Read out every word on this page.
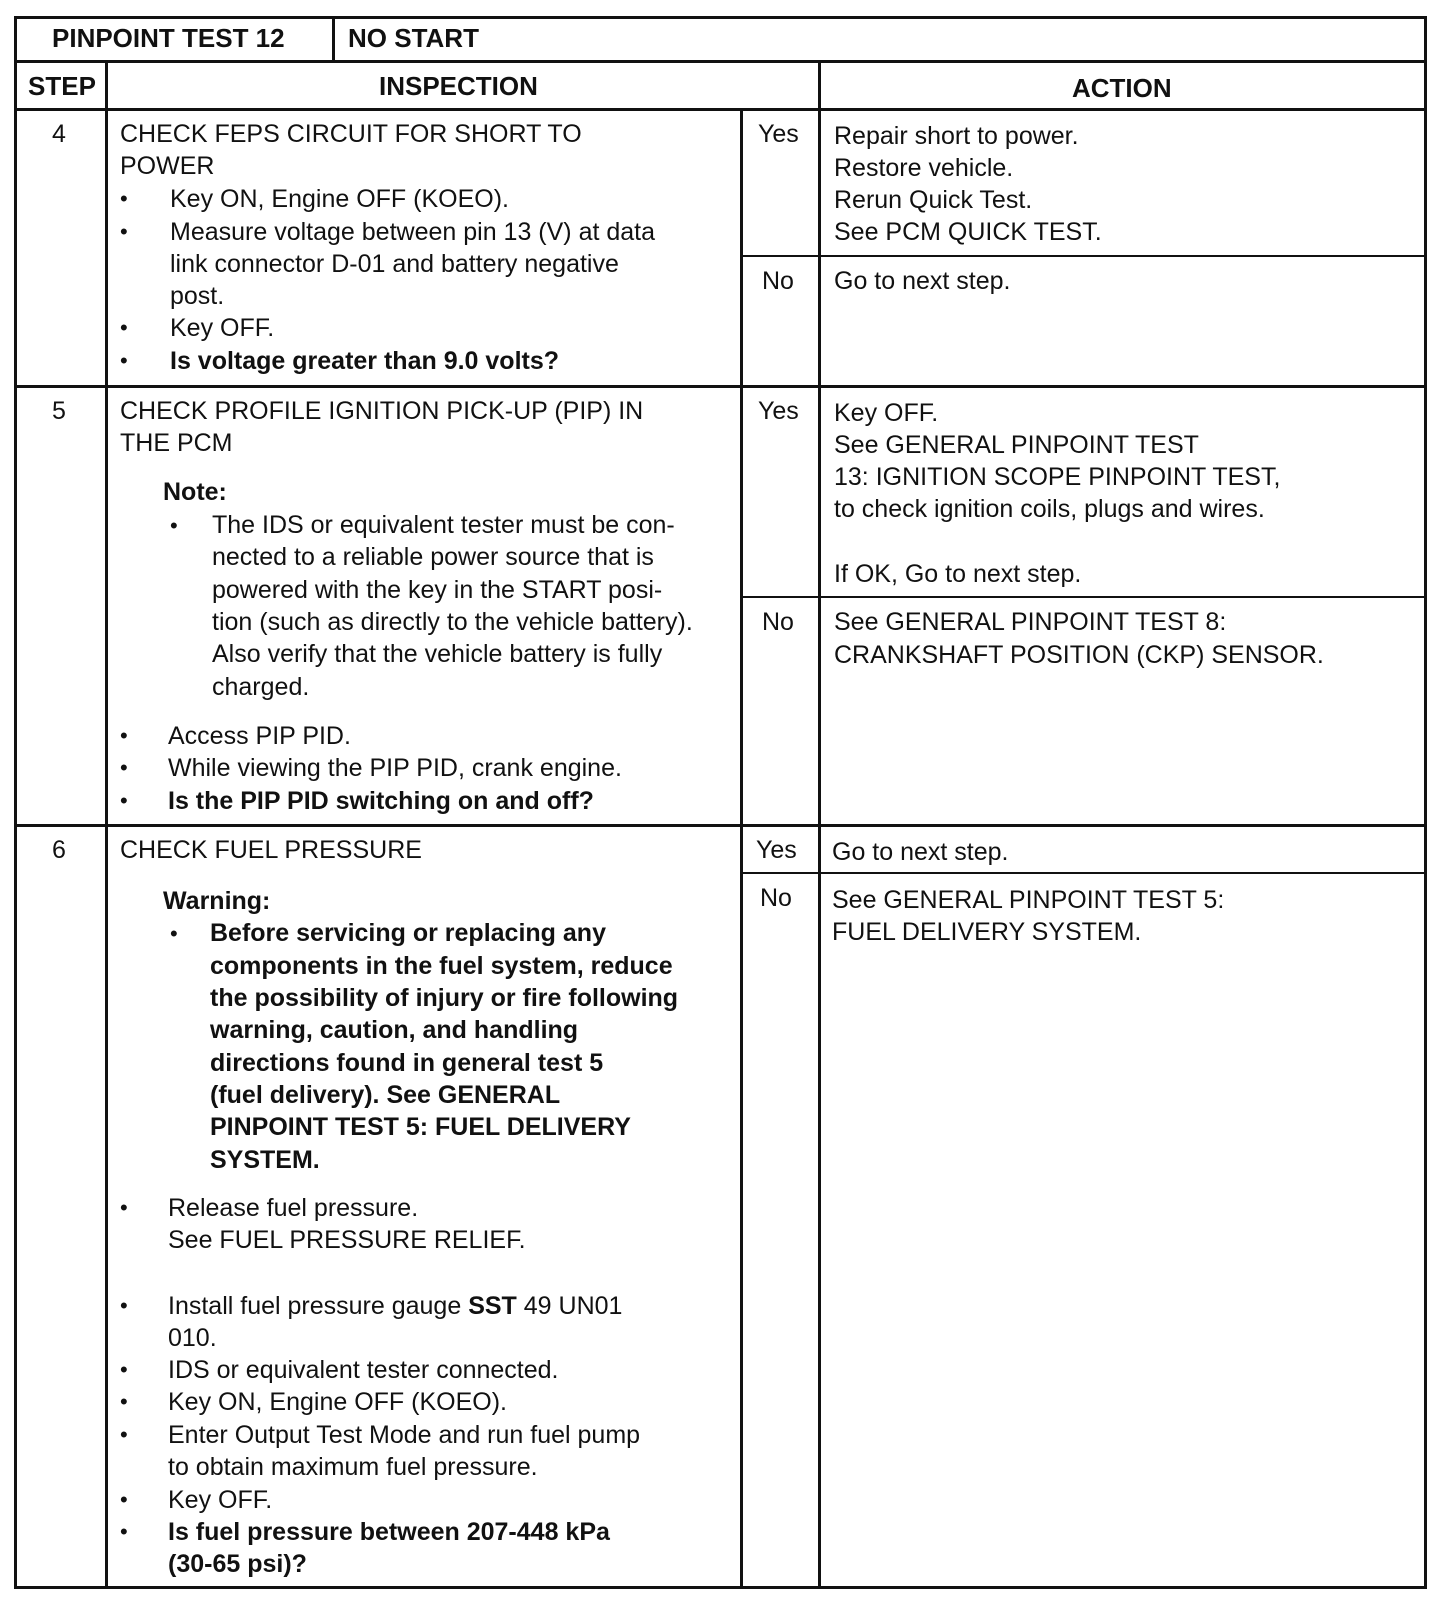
PINPOINT TEST 12 NO START
STEP	INSPECTION	ACTION
4 CHECK FEPS CIRCUIT FOR SHORT TO
POWER
• Key ON, Engine OFF (KOEO).
• Measure voltage between pin 13 (V) at data
link connector D-01 and battery negative
post.
• Key OFF.
• Is voltage greater than 9.0 volts?
Yes Repair short to power.
Restore vehicle.
Rerun Quick Test.
See PCM QUICK TEST.
No Go to next step.
5 CHECK PROFILE IGNITION PICK-UP (PIP) IN
THE PCM
Note:
• The IDS or equivalent tester must be con-
nected to a reliable power source that is
powered with the key in the START posi-
tion (such as directly to the vehicle battery).
Also verify that the vehicle battery is fully
charged.
• Access PIP PID.
• While viewing the PIP PID, crank engine.
• Is the PIP PID switching on and off?
Yes Key OFF.
See GENERAL PINPOINT TEST
13: IGNITION SCOPE PINPOINT TEST,
to check ignition coils, plugs and wires.
If OK, Go to next step.
No See GENERAL PINPOINT TEST 8:
CRANKSHAFT POSITION (CKP) SENSOR.
6 CHECK FUEL PRESSURE
Warning:
• Before servicing or replacing any
components in the fuel system, reduce
the possibility of injury or fire following
warning, caution, and handling
directions found in general test 5
(fuel delivery). See GENERAL
PINPOINT TEST 5: FUEL DELIVERY
SYSTEM.
• Release fuel pressure.
See FUEL PRESSURE RELIEF.
• Install fuel pressure gauge SST 49 UN01
010.
• IDS or equivalent tester connected.
• Key ON, Engine OFF (KOEO).
• Enter Output Test Mode and run fuel pump
to obtain maximum fuel pressure.
• Key OFF.
• Is fuel pressure between 207-448 kPa
(30-65 psi)?
Yes Go to next step.
No See GENERAL PINPOINT TEST 5:
FUEL DELIVERY SYSTEM.
